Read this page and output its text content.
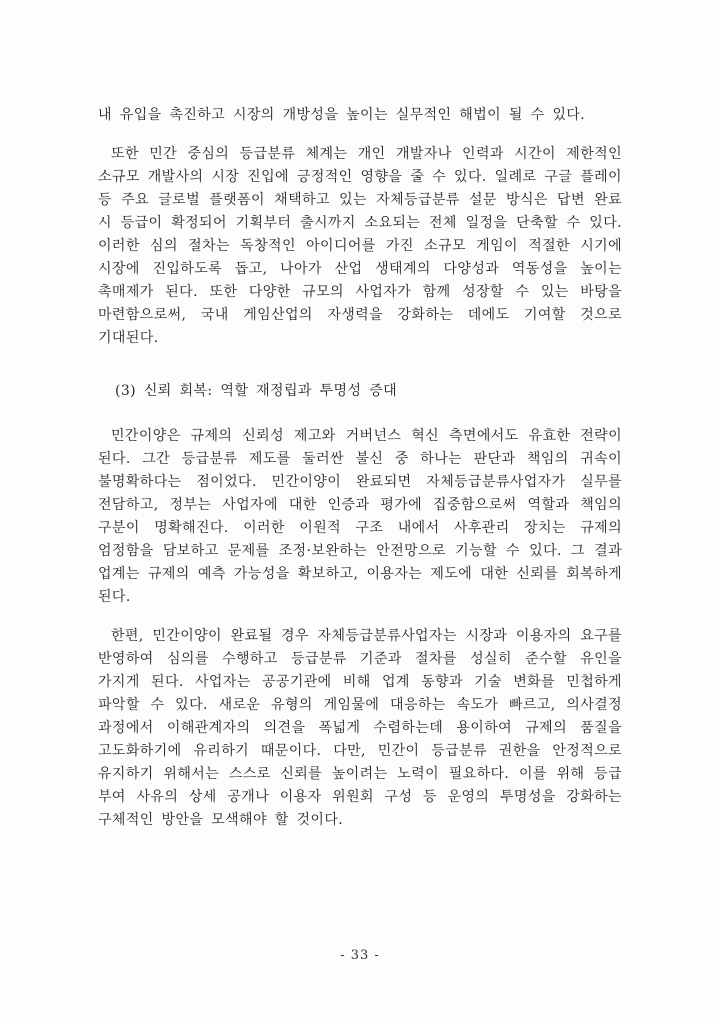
내 유입을 촉진하고 시장의 개방성을 높이는 실무적인 해법이 될 수 있다.

또한 민간 중심의 등급분류 체계는 개인 개발자나 인력과 시간이 제한적인 소규모 개발사의 시장 진입에 긍정적인 영향을 줄 수 있다. 일례로 구글 플레이 등 주요 글로벌 플랫폼이 채택하고 있는 자체등급분류 설문 방식은 답변 완료 시 등급이 확정되어 기획부터 출시까지 소요되는 전체 일정을 단축할 수 있다. 이러한 심의 절차는 독창적인 아이디어를 가진 소규모 게임이 적절한 시기에 시장에 진입하도록 돕고, 나아가 산업 생태계의 다양성과 역동성을 높이는 촉매제가 된다. 또한 다양한 규모의 사업자가 함께 성장할 수 있는 바탕을 마련함으로써, 국내 게임산업의 자생력을 강화하는 데에도 기여할 것으로 기대된다.

(3) 신뢰 회복: 역할 재정립과 투명성 증대

민간이양은 규제의 신뢰성 제고와 거버넌스 혁신 측면에서도 유효한 전략이 된다. 그간 등급분류 제도를 둘러싼 불신 중 하나는 판단과 책임의 귀속이 불명확하다는 점이었다. 민간이양이 완료되면 자체등급분류사업자가 실무를 전담하고, 정부는 사업자에 대한 인증과 평가에 집중함으로써 역할과 책임의 구분이 명확해진다. 이러한 이원적 구조 내에서 사후관리 장치는 규제의 엄정함을 담보하고 문제를 조정·보완하는 안전망으로 기능할 수 있다. 그 결과 업계는 규제의 예측 가능성을 확보하고, 이용자는 제도에 대한 신뢰를 회복하게 된다.

한편, 민간이양이 완료될 경우 자체등급분류사업자는 시장과 이용자의 요구를 반영하여 심의를 수행하고 등급분류 기준과 절차를 성실히 준수할 유인을 가지게 된다. 사업자는 공공기관에 비해 업계 동향과 기술 변화를 민첩하게 파악할 수 있다. 새로운 유형의 게임물에 대응하는 속도가 빠르고, 의사결정 과정에서 이해관계자의 의견을 폭넓게 수렴하는데 용이하여 규제의 품질을 고도화하기에 유리하기 때문이다. 다만, 민간이 등급분류 권한을 안정적으로 유지하기 위해서는 스스로 신뢰를 높이려는 노력이 필요하다. 이를 위해 등급 부여 사유의 상세 공개나 이용자 위원회 구성 등 운영의 투명성을 강화하는 구체적인 방안을 모색해야 할 것이다.

- 33 -
